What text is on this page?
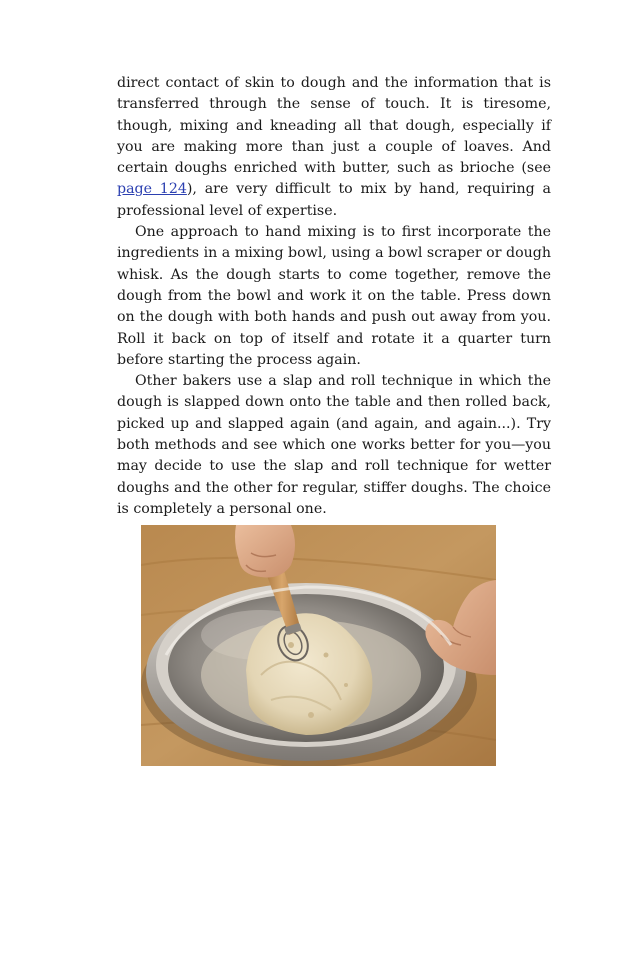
direct contact of skin to dough and the information that is transferred through the sense of touch. It is tiresome, though, mixing and kneading all that dough, especially if you are making more than just a couple of loaves. And certain doughs enriched with butter, such as brioche (see page 124), are very difficult to mix by hand, requiring a professional level of expertise.

One approach to hand mixing is to first incorporate the ingredients in a mixing bowl, using a bowl scraper or dough whisk. As the dough starts to come together, remove the dough from the bowl and work it on the table. Press down on the dough with both hands and push out away from you. Roll it back on top of itself and rotate it a quarter turn before starting the process again.

Other bakers use a slap and roll technique in which the dough is slapped down onto the table and then rolled back, picked up and slapped again (and again, and again...). Try both methods and see which one works better for you—you may decide to use the slap and roll technique for wetter doughs and the other for regular, stiffer doughs. The choice is completely a personal one.
